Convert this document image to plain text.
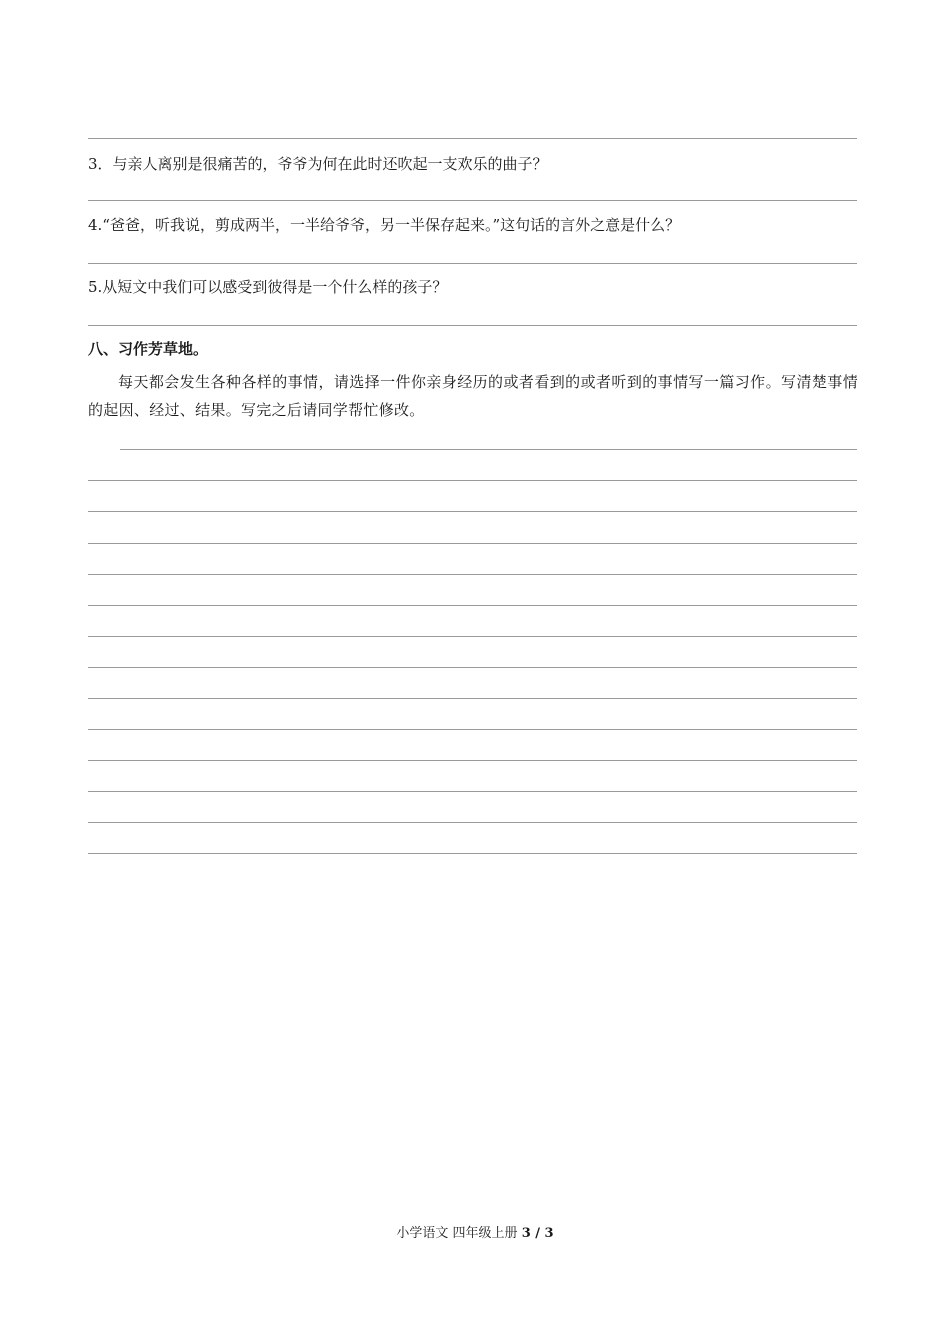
3．与亲人离别是很痛苦的，爷爷为何在此时还吹起一支欢乐的曲子？
4.“爸爸，听我说，剪成两半，一半给爷爷，另一半保存起来。”这句话的言外之意是什么？
5.从短文中我们可以感受到彼得是一个什么样的孩子？
八、习作芳草地。
每天都会发生各种各样的事情，请选择一件你亲身经历的或者看到的或者听到的事情写一篇习作。写清楚事情的起因、经过、结果。写完之后请同学帮忙修改。
小学语文 四年级上册 3 / 3
